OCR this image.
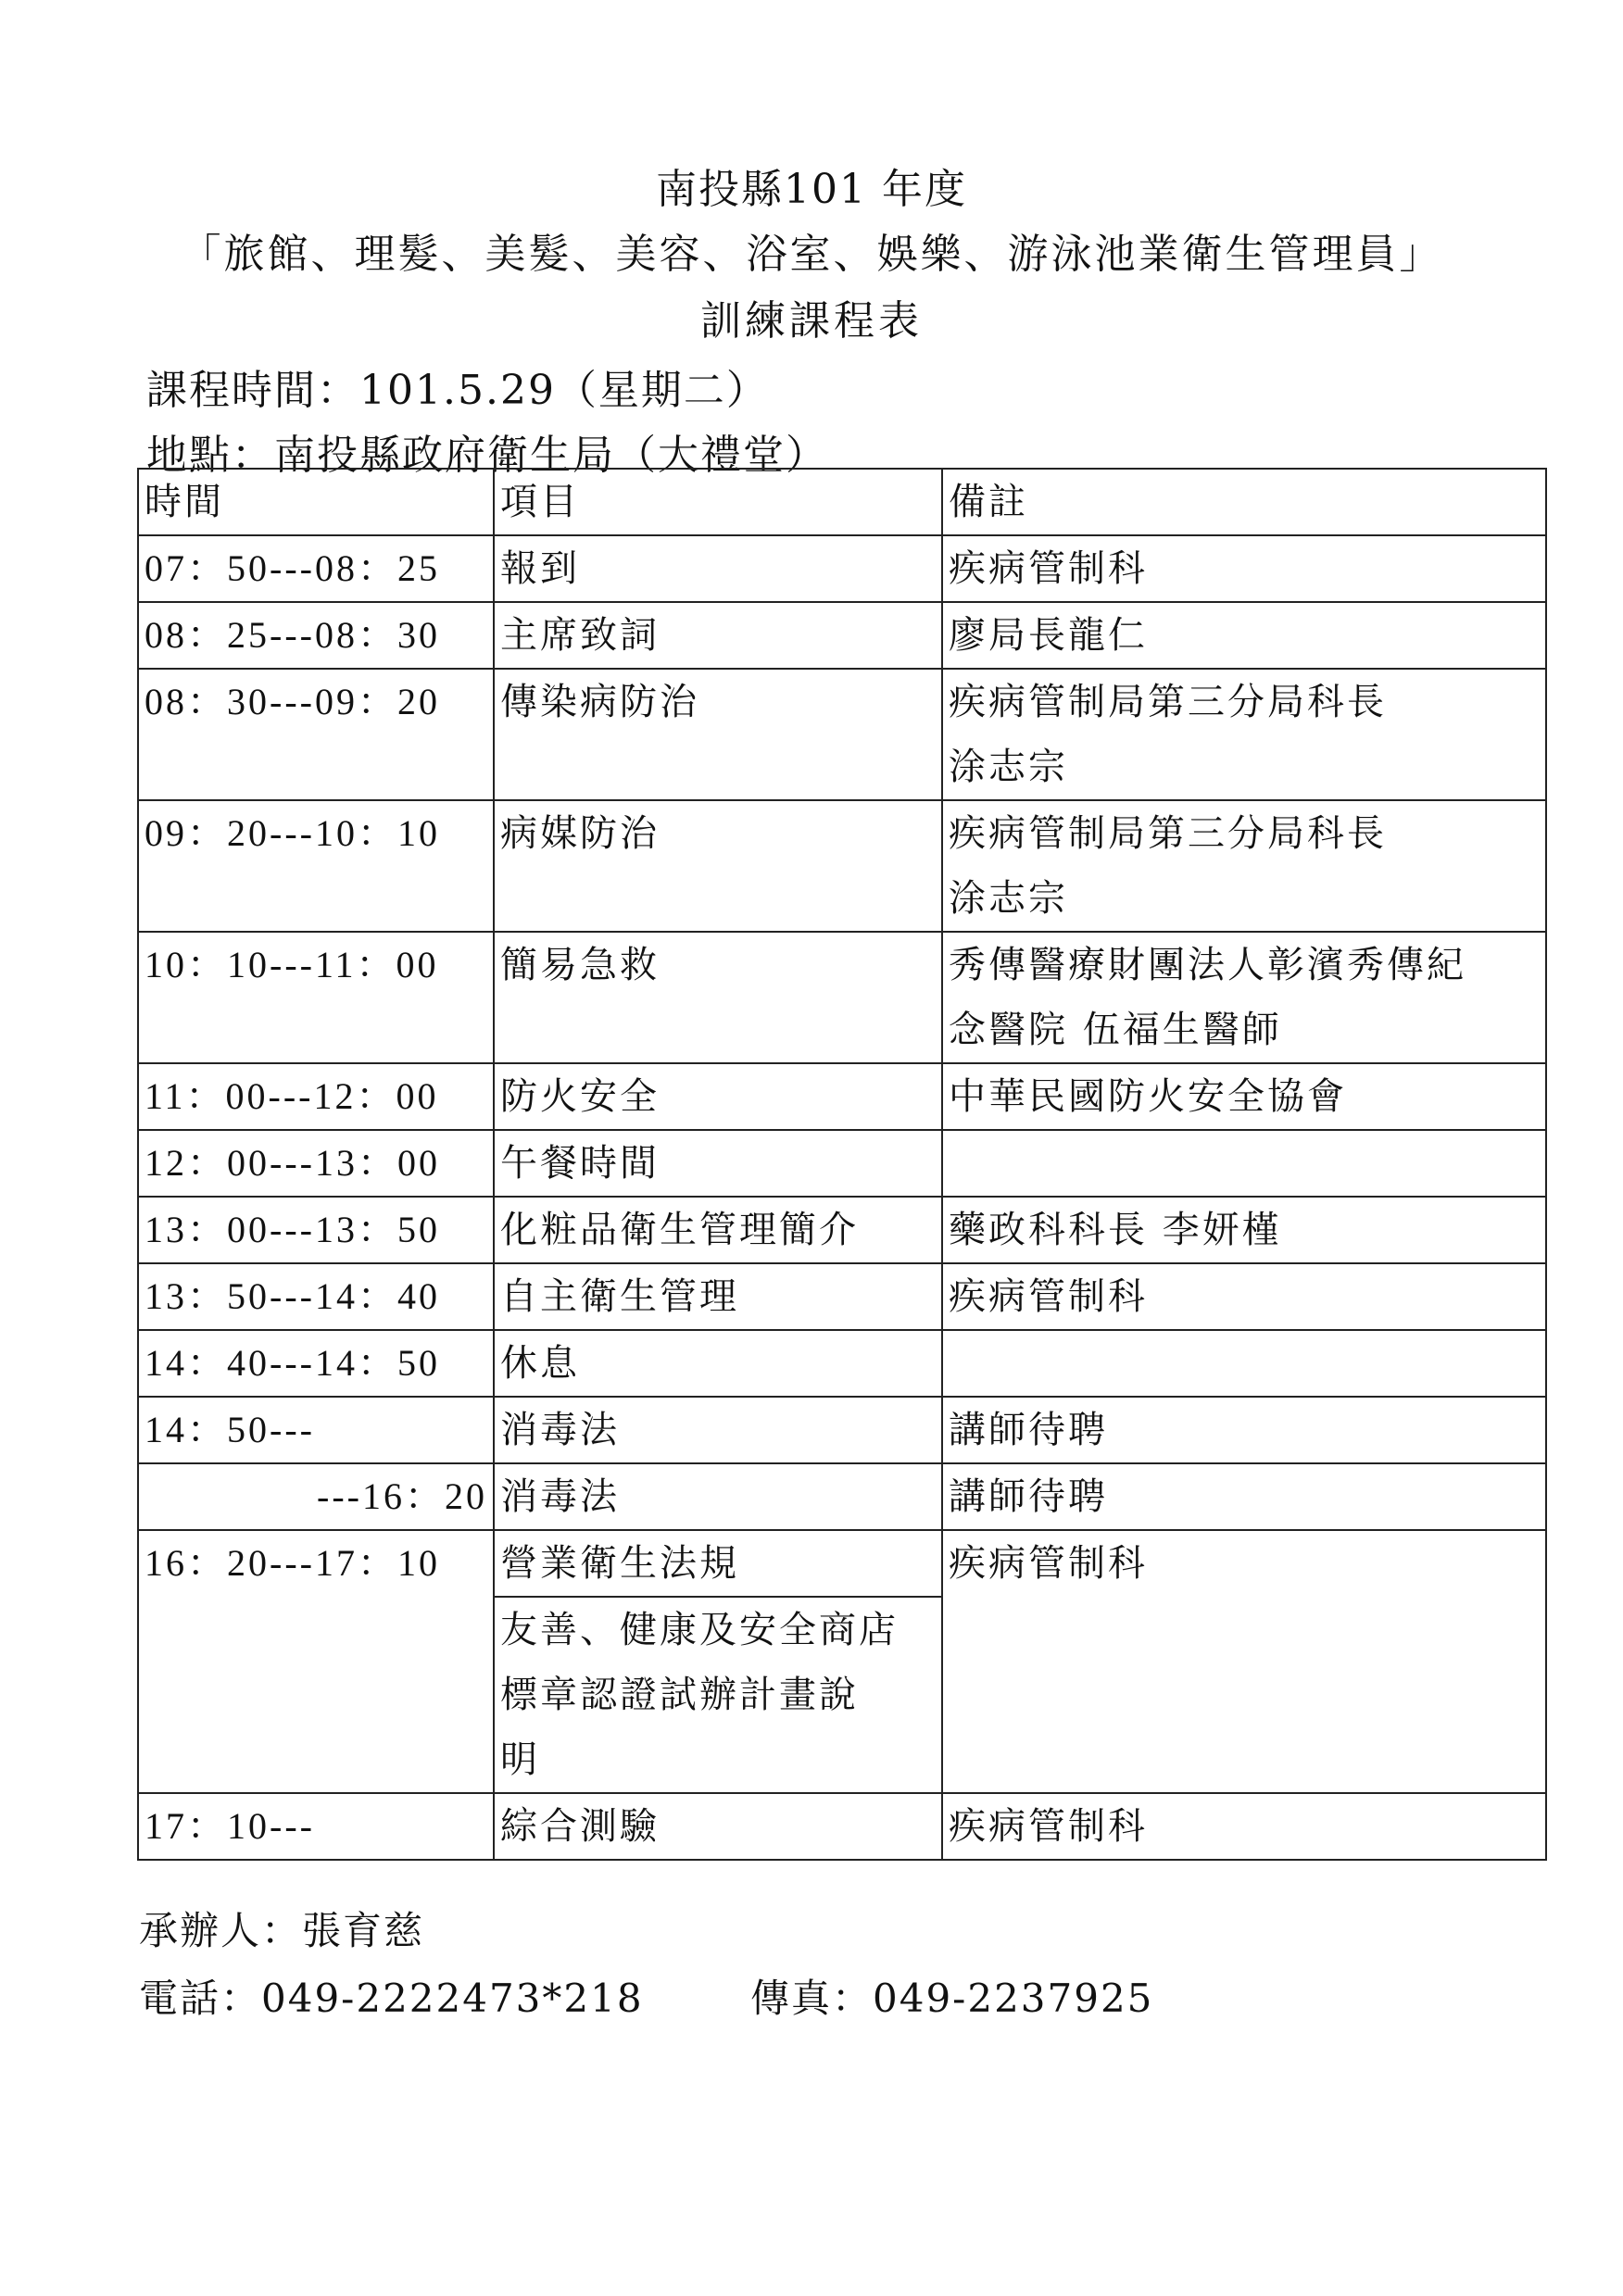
南投縣101 年度
「旅館、理髮、美髮、美容、浴室、娛樂、游泳池業衛生管理員」
訓練課程表
課程時間：101.5.29（星期二）
地點：南投縣政府衛生局（大禮堂）
時間	項目	備註
07：50---08：25	報到	疾病管制科
08：25---08：30	主席致詞	廖局長龍仁
08：30---09：20	傳染病防治	疾病管制局第三分局科長
涂志宗

09：20---10：10	病媒防治	疾病管制局第三分局科長
涂志宗

10：10---11：00	簡易急救	秀傳醫療財團法人彰濱秀傳紀
念醫院 伍福生醫師

11：00---12：00	防火安全	中華民國防火安全協會
12：00---13：00	午餐時間	
13：00---13：50	化粧品衛生管理簡介	藥政科科長 李妍槿
13：50---14：40	自主衛生管理	疾病管制科
14：40---14：50	休息	
14：50---	消毒法	講師待聘
---16：20	消毒法	講師待聘
16：20---17：10	營業衛生法規	疾病管制科

	友善、健康及安全商店
標章認證試辦計畫說
明	

17：10---	綜合測驗	疾病管制科
承辦人：張育慈
電話：049-2222473*218	傳真：049-2237925
